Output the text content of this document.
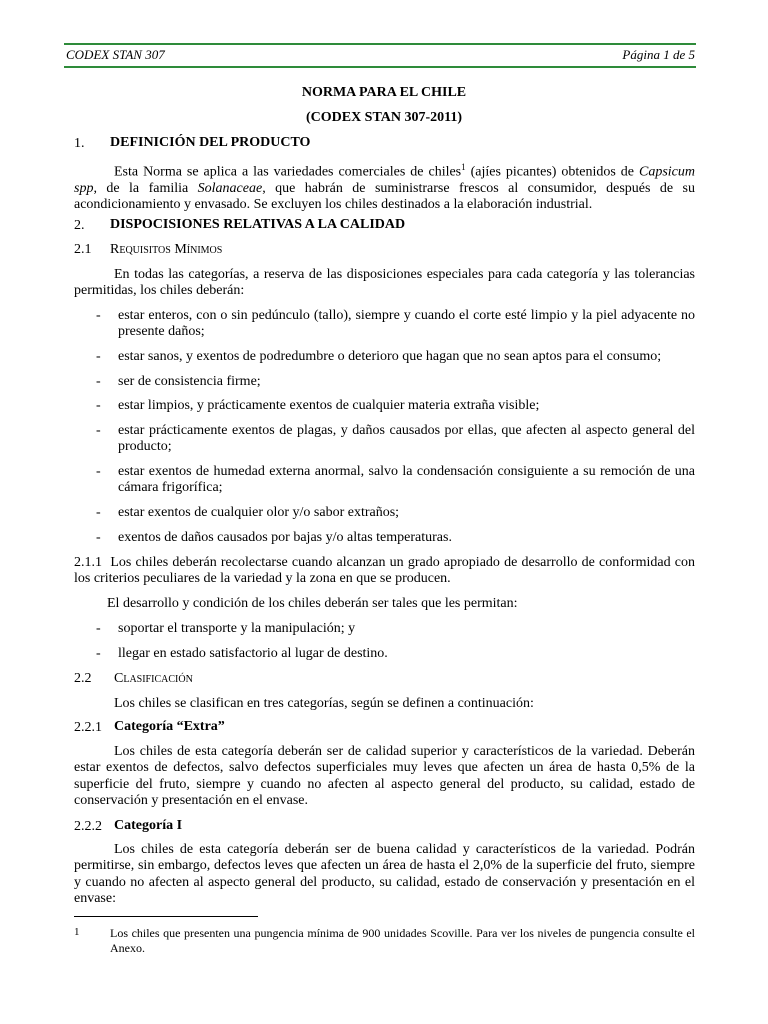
CODEX STAN 307	Página 1 de 5
NORMA PARA EL CHILE
(CODEX STAN 307-2011)
1. DEFINICIÓN DEL PRODUCTO
Esta Norma se aplica a las variedades comerciales de chiles$^1$ (ajíes picantes) obtenidos de Capsicum spp, de la familia Solanaceae, que habrán de suministrarse frescos al consumidor, después de su acondicionamiento y envasado. Se excluyen los chiles destinados a la elaboración industrial.
2. DISPOCISIONES RELATIVAS A LA CALIDAD
2.1 Requisitos Mínimos
En todas las categorías, a reserva de las disposiciones especiales para cada categoría y las tolerancias permitidas, los chiles deberán:
- estar enteros, con o sin pedúnculo (tallo), siempre y cuando el corte esté limpio y la piel adyacente no presente daños;
- estar sanos, y exentos de podredumbre o deterioro que hagan que no sean aptos para el consumo;
- ser de consistencia firme;
- estar limpios, y prácticamente exentos de cualquier materia extraña visible;
- estar prácticamente exentos de plagas, y daños causados por ellas, que afecten al aspecto general del producto;
- estar exentos de humedad externa anormal, salvo la condensación consiguiente a su remoción de una cámara frigorífica;
- estar exentos de cualquier olor y/o sabor extraños;
- exentos de daños causados por bajas y/o altas temperaturas.
2.1.1 Los chiles deberán recolectarse cuando alcanzan un grado apropiado de desarrollo de conformidad con los criterios peculiares de la variedad y la zona en que se producen.
El desarrollo y condición de los chiles deberán ser tales que les permitan:
- soportar el transporte y la manipulación; y
- llegar en estado satisfactorio al lugar de destino.
2.2 Clasificación
Los chiles se clasifican en tres categorías, según se definen a continuación:
2.2.1 Categoría “Extra”
Los chiles de esta categoría deberán ser de calidad superior y característicos de la variedad. Deberán estar exentos de defectos, salvo defectos superficiales muy leves que afecten un área de hasta 0,5% de la superficie del fruto, siempre y cuando no afecten al aspecto general del producto, su calidad, estado de conservación y presentación en el envase.
2.2.2 Categoría I
Los chiles de esta categoría deberán ser de buena calidad y característicos de la variedad. Podrán permitirse, sin embargo, defectos leves que afecten un área de hasta el 2,0% de la superficie del fruto, siempre y cuando no afecten al aspecto general del producto, su calidad, estado de conservación y presentación en el envase:
1	Los chiles que presenten una pungencia mínima de 900 unidades Scoville. Para ver los niveles de pungencia consulte el Anexo.
